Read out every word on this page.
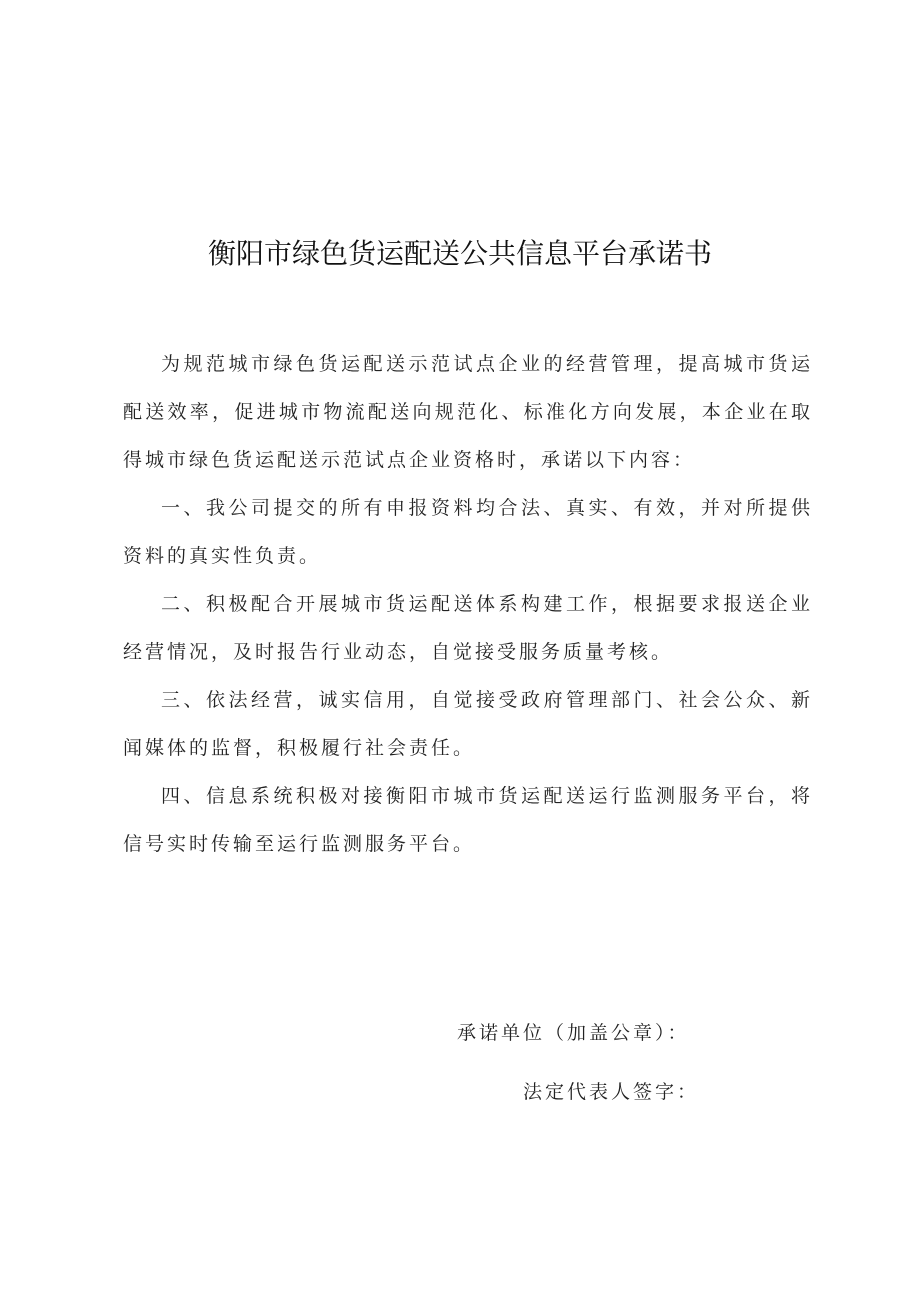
衡阳市绿色货运配送公共信息平台承诺书

为规范城市绿色货运配送示范试点企业的经营管理，提高城市货运配送效率，促进城市物流配送向规范化、标准化方向发展，本企业在取得城市绿色货运配送示范试点企业资格时，承诺以下内容：

一、我公司提交的所有申报资料均合法、真实、有效，并对所提供资料的真实性负责。

二、积极配合开展城市货运配送体系构建工作，根据要求报送企业经营情况，及时报告行业动态，自觉接受服务质量考核。

三、依法经营，诚实信用，自觉接受政府管理部门、社会公众、新闻媒体的监督，积极履行社会责任。

四、信息系统积极对接衡阳市城市货运配送运行监测服务平台，将信号实时传输至运行监测服务平台。

承诺单位（加盖公章）：
法定代表人签字：
